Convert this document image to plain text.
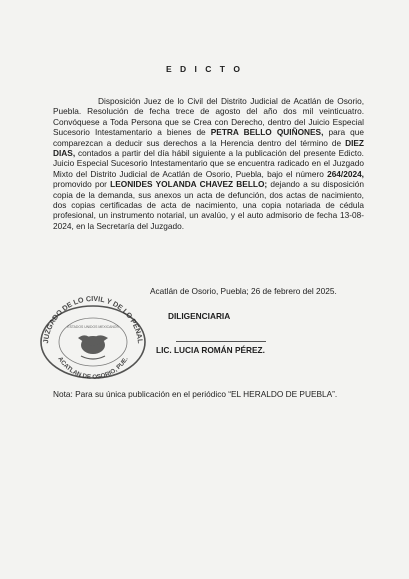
E D I C T O
Disposición Juez de lo Civil del Distrito Judicial de Acatlán de Osorio, Puebla. Resolución de fecha trece de agosto del año dos mil veinticuatro. Convóquese a Toda Persona que se Crea con Derecho, dentro del Juicio Especial Sucesorio Intestamentario a bienes de PETRA BELLO QUIÑONES, para que comparezcan a deducir sus derechos a la Herencia dentro del término de DIEZ DIAS, contados a partir del día hábil siguiente a la publicación del presente Edicto. Juicio Especial Sucesorio Intestamentario que se encuentra radicado en el Juzgado Mixto del Distrito Judicial de Acatlán de Osorio, Puebla, bajo el número 264/2024, promovido por LEONIDES YOLANDA CHAVEZ BELLO; dejando a su disposición copia de la demanda, sus anexos un acta de defunción, dos actas de nacimiento, dos copias certificadas de acta de nacimiento, una copia notariada de cédula profesional, un instrumento notarial, un avalúo, y el auto admisorio de fecha 13-08-2024, en la Secretaría del Juzgado.
Acatlán de Osorio, Puebla; 26 de febrero del 2025.
JUZGADO DE LO CIVIL Y DE LO PENAL
ACATLAN DE OSORIO, PUE.
ESTADOS UNIDOS MEXICANOS
DILIGENCIARIA
LIC. LUCIA ROMÁN PÉREZ.
Nota: Para su única publicación en el periódico “EL HERALDO DE PUEBLA”.
